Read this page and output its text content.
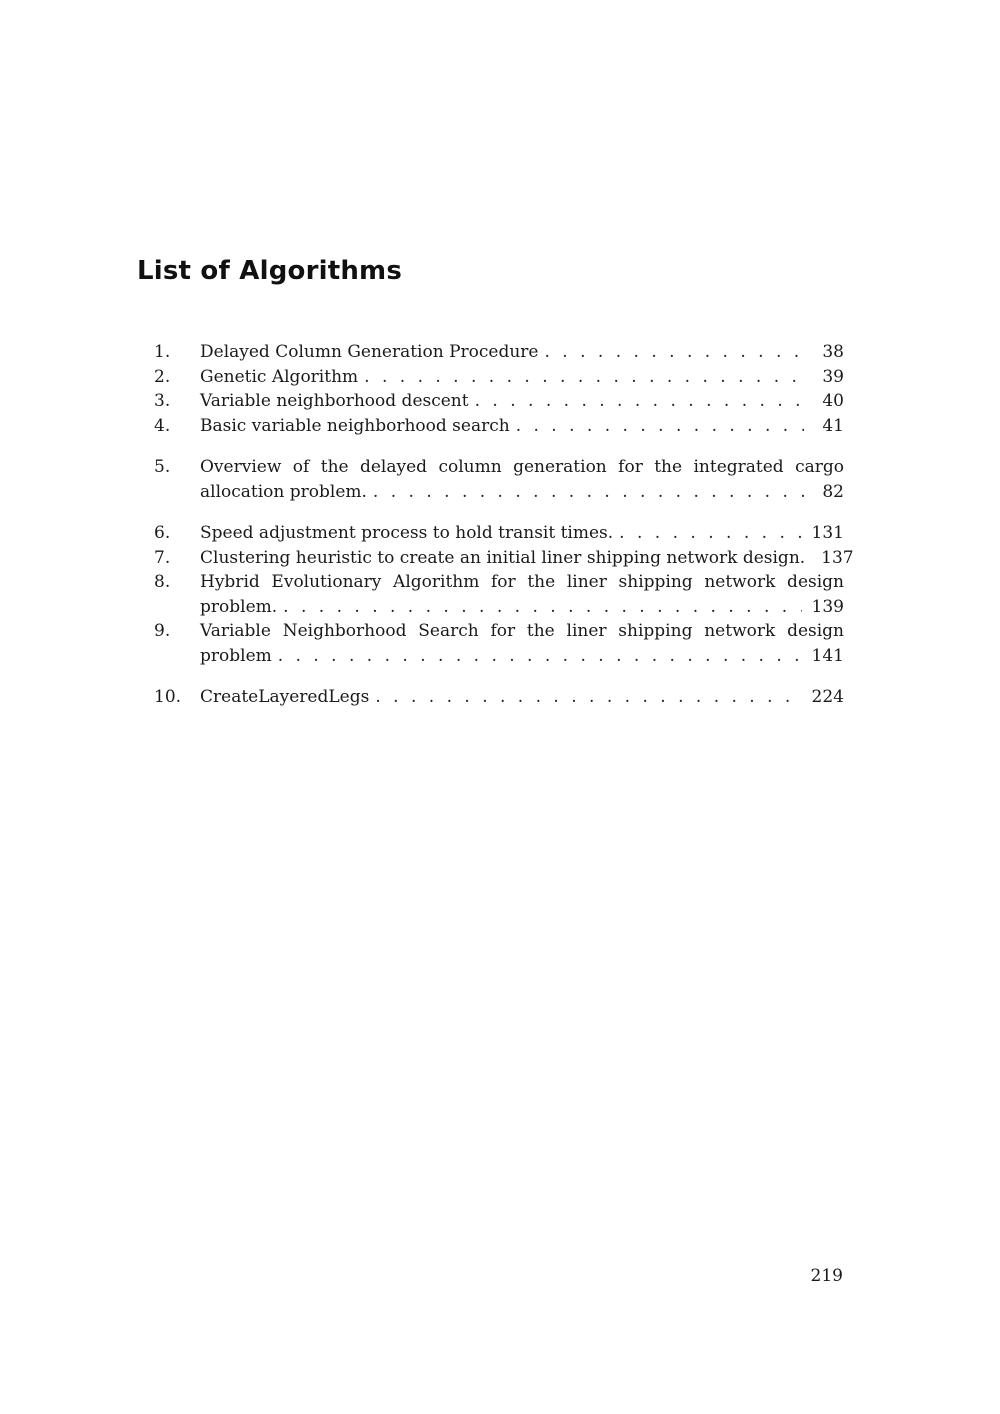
List of Algorithms
1.	Delayed Column Generation Procedure . . .	38
2.	Genetic Algorithm . . .	39
3.	Variable neighborhood descent . . .	40
4.	Basic variable neighborhood search . . .	41
5.	Overview of the delayed column generation for the integrated cargo
allocation problem. . . .	82
6.	Speed adjustment process to hold transit times. . . .	131
7.	Clustering heuristic to create an initial liner shipping network design. 137
8.	Hybrid Evolutionary Algorithm for the liner shipping network design
problem. . . .	139
9.	Variable Neighborhood Search for the liner shipping network design
problem . . .	141
10.	CreateLayeredLegs . . .	224
219
